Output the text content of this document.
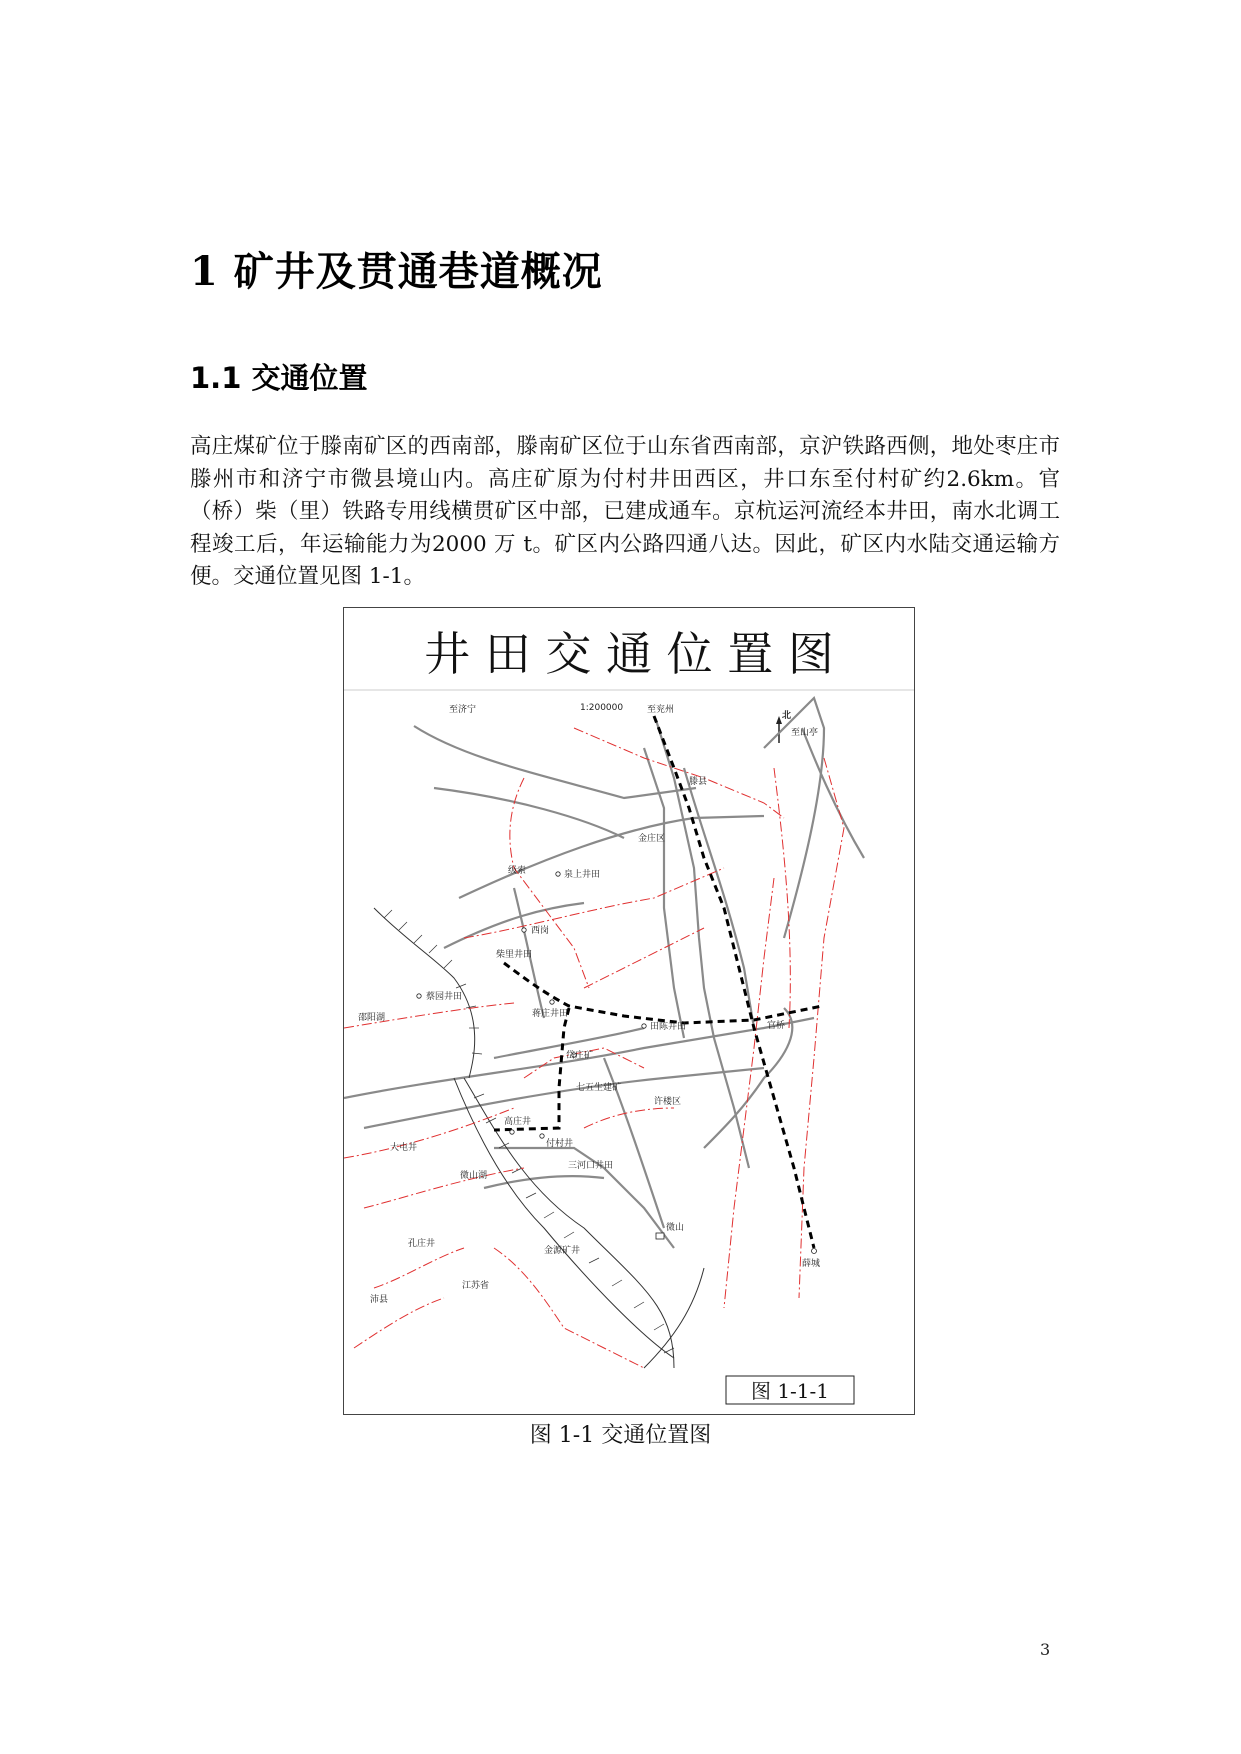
1 矿井及贯通巷道概况
1.1 交通位置

高庄煤矿位于滕南矿区的西南部，滕南矿区位于山东省西南部，京沪铁路西侧，地处枣庄市滕州市和济宁市微县境山内。高庄矿原为付村井田西区，井口东至付村矿约2.6km。官（桥）柴（里）铁路专用线横贯矿区中部，已建成通车。京杭运河流经本井田，南水北调工程竣工后，年运输能力为2000 万 t。矿区内公路四通八达。因此，矿区内水陆交通运输方便。交通位置见图 1-1。

井 田 交 通 位 置 图
1:200000
北
至济宁	至兖州
至山亭
滕县
金庄区
级索	泉上井田
西岗
柴里井田
蔡园井田
邵阳湖	蒋庄井田
田陈井田	官桥
岱庄矿
七五生建矿
许楼区
高庄井
付村井
大屯井
微山湖
三河口井田
微山
薛城
孔庄井
金源矿井
江苏省
沛县
图 1-1-1
图 1-1 交通位置图
3
